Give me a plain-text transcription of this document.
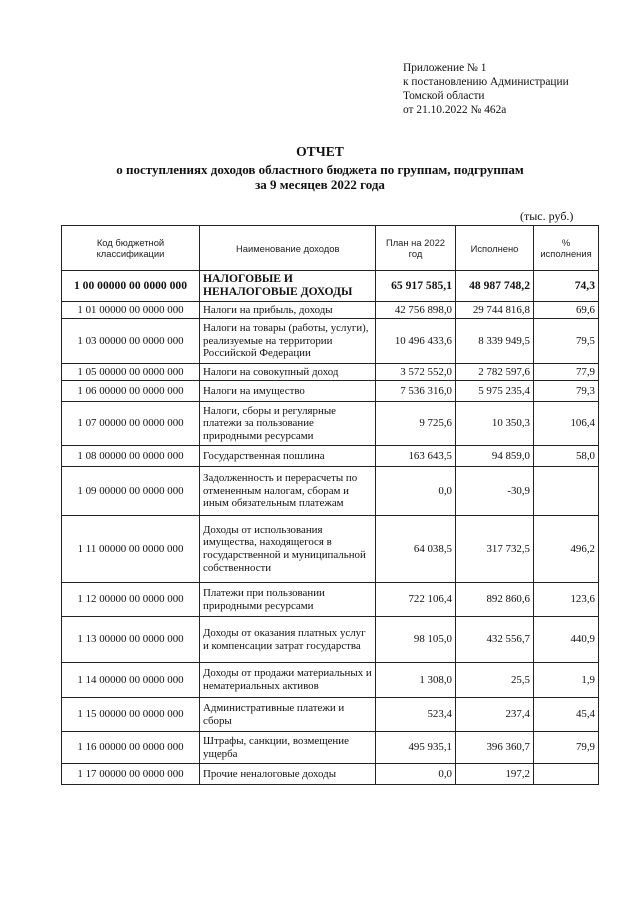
Приложение № 1
к постановлению Администрации
Томской области
от 21.10.2022 № 462а
ОТЧЕТ
о поступлениях доходов областного бюджета по группам, подгруппам
за 9 месяцев 2022 года
(тыс. руб.)
Код бюджетной классификации	Наименование доходов	План на 2022 год	Исполнено	% исполнения
1 00 00000 00 0000 000	НАЛОГОВЫЕ И НЕНАЛОГОВЫЕ ДОХОДЫ	65 917 585,1	48 987 748,2	74,3
1 01 00000 00 0000 000	Налоги на прибыль, доходы	42 756 898,0	29 744 816,8	69,6
1 03 00000 00 0000 000	Налоги на товары (работы, услуги), реализуемые на территории Российской Федерации	10 496 433,6	8 339 949,5	79,5
1 05 00000 00 0000 000	Налоги на совокупный доход	3 572 552,0	2 782 597,6	77,9
1 06 00000 00 0000 000	Налоги на имущество	7 536 316,0	5 975 235,4	79,3
1 07 00000 00 0000 000	Налоги, сборы и регулярные платежи за пользование природными ресурсами	9 725,6	10 350,3	106,4
1 08 00000 00 0000 000	Государственная пошлина	163 643,5	94 859,0	58,0
1 09 00000 00 0000 000	Задолженность и перерасчеты по отмененным налогам, сборам и иным обязательным платежам	0,0	-30,9	
1 11 00000 00 0000 000	Доходы от использования имущества, находящегося в государственной и муниципальной собственности	64 038,5	317 732,5	496,2
1 12 00000 00 0000 000	Платежи при пользовании природными ресурсами	722 106,4	892 860,6	123,6
1 13 00000 00 0000 000	Доходы от оказания платных услуг и компенсации затрат государства	98 105,0	432 556,7	440,9
1 14 00000 00 0000 000	Доходы от продажи материальных и нематериальных активов	1 308,0	25,5	1,9
1 15 00000 00 0000 000	Административные платежи и сборы	523,4	237,4	45,4
1 16 00000 00 0000 000	Штрафы, санкции, возмещение ущерба	495 935,1	396 360,7	79,9
1 17 00000 00 0000 000	Прочие неналоговые доходы	0,0	197,2	
